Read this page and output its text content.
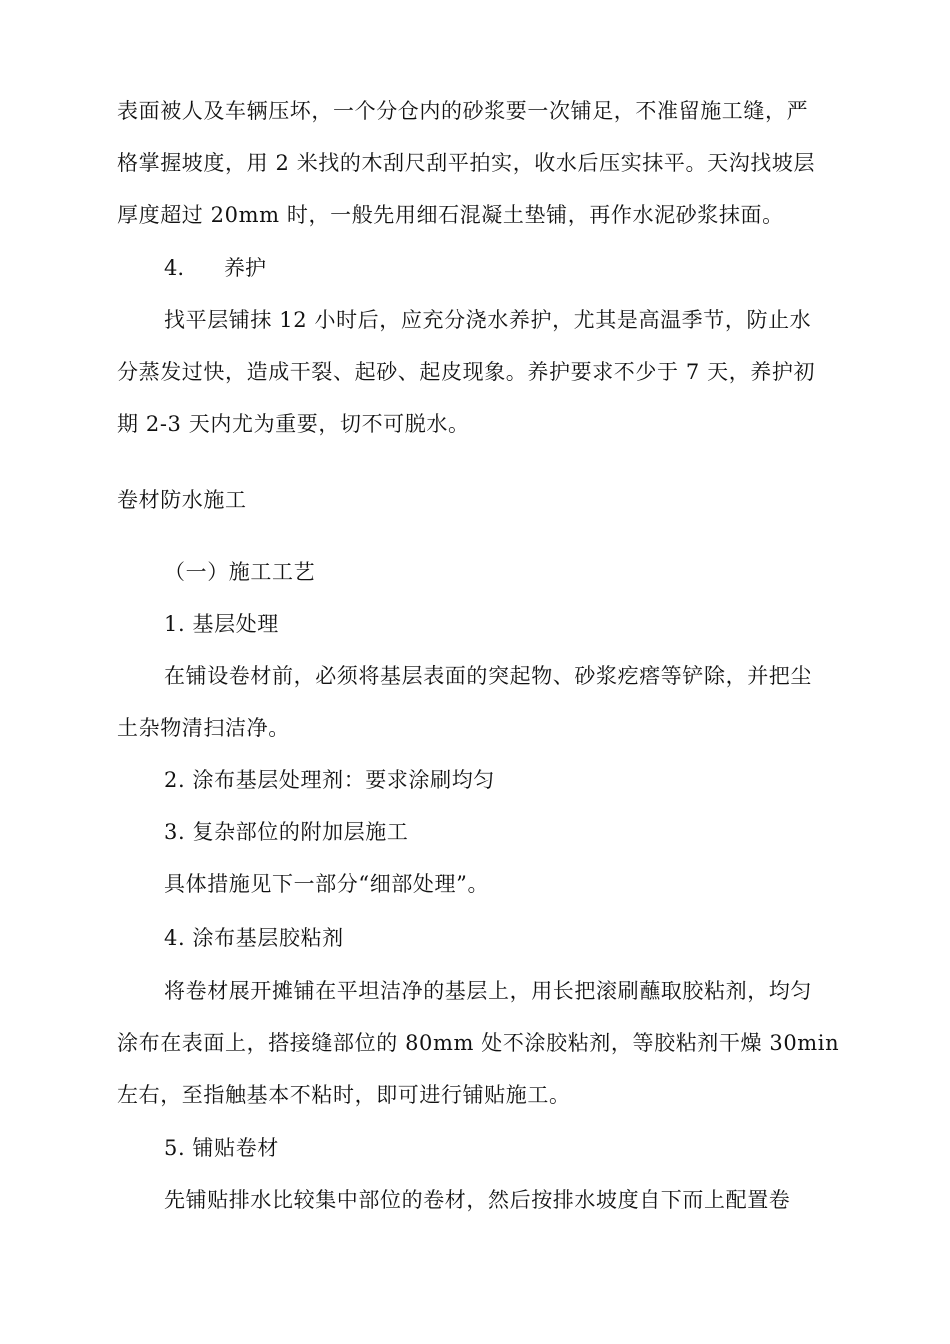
表面被人及车辆压坏，一个分仓内的砂浆要一次铺足，不准留施工缝，严
格掌握坡度，用 2 米找的木刮尺刮平拍实，收水后压实抹平。天沟找坡层
厚度超过 20mm 时，一般先用细石混凝土垫铺，再作水泥砂浆抹面。
4. 养护
找平层铺抹 12 小时后，应充分浇水养护，尤其是高温季节，防止水
分蒸发过快，造成干裂、起砂、起皮现象。养护要求不少于 7 天，养护初
期 2-3 天内尤为重要，切不可脱水。
卷材防水施工
（一）施工工艺
1. 基层处理
在铺设卷材前，必须将基层表面的突起物、砂浆疙瘩等铲除，并把尘
土杂物清扫洁净。
2. 涂布基层处理剂：要求涂刷均匀
3. 复杂部位的附加层施工
具体措施见下一部分“细部处理”。
4. 涂布基层胶粘剂
将卷材展开摊铺在平坦洁净的基层上，用长把滚刷蘸取胶粘剂，均匀
涂布在表面上，搭接缝部位的 80mm 处不涂胶粘剂，等胶粘剂干燥 30min
左右，至指触基本不粘时，即可进行铺贴施工。
5. 铺贴卷材
先铺贴排水比较集中部位的卷材，然后按排水坡度自下而上配置卷
